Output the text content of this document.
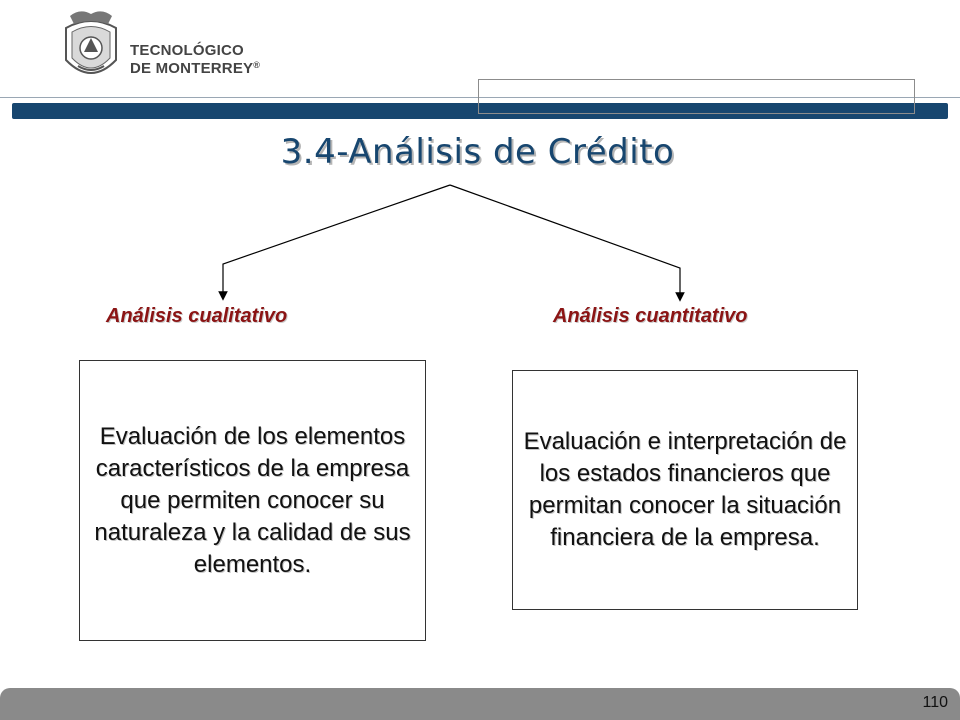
TECNOLÓGICO
DE MONTERREY®
3.4-Análisis de Crédito
Análisis cualitativo	Análisis cuantitativo
Evaluación de los elementos característicos de la empresa que permiten conocer su naturaleza y la calidad de sus elementos.
Evaluación e interpretación de los estados financieros que permitan conocer la situación financiera de la empresa.
110
